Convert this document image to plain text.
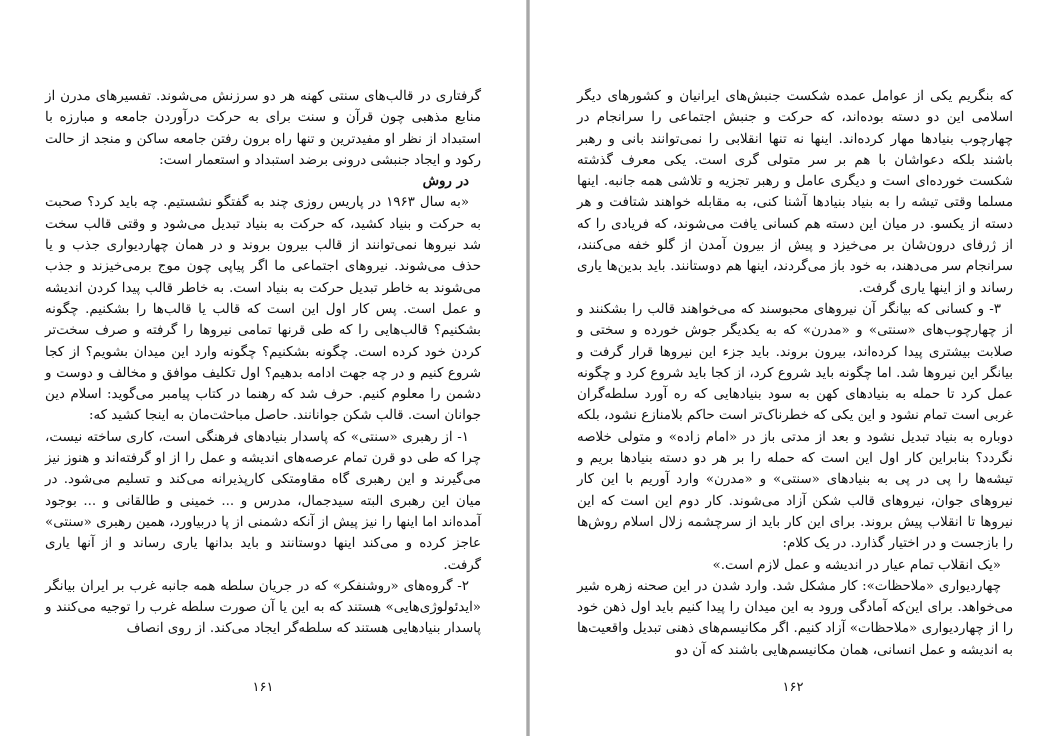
که بنگریم یکی از عوامل عمده شکست جنبش‌های ایرانیان و کشورهای دیگر اسلامی این دو دسته بوده‌اند، که حرکت و جنبش اجتماعی را سرانجام در چهارچوب بنیادها مهار کرده‌اند. اینها نه تنها انقلابی را نمی‌توانند بانی و رهبر باشند بلکه دعواشان با هم بر سر متولی گری است. یکی معرف گذشته شکست خورده‌ای است و دیگری عامل و رهبر تجزیه و تلاشی همه جانبه. اینها مسلما وقتی تیشه را به بنیاد بنیادها آشنا کنی، به مقابله خواهند شتافت و هر دسته از یکسو. در میان این دسته هم کسانی یافت می‌شوند، که فریادی را که از ژرفای درون‌شان بر می‌خیزد و پیش از بیرون آمدن از گلو خفه می‌کنند، سرانجام سر می‌دهند، به خود باز می‌گردند، اینها هم دوستانند. باید بدین‌ها یاری رساند و از اینها یاری گرفت.

۳- و کسانی که بیانگر آن نیروهای محبوسند که می‌خواهند قالب را بشکنند و از چهارچوب‌های «سنتی» و «مدرن» که به یکدیگر جوش خورده و سختی و صلابت بیشتری پیدا کرده‌اند، بیرون بروند. باید جزء این نیروها قرار گرفت و بیانگر این نیروها شد. اما چگونه باید شروع کرد، از کجا باید شروع کرد و چگونه عمل کرد تا حمله به بنیادهای کهن به سود بنیادهایی که ره آورد سلطه‌گران غربی است تمام نشود و این یکی که خطرناک‌تر است حاکم بلامنازع نشود، بلکه دوباره به بنیاد تبدیل نشود و بعد از مدتی باز در «امام زاده» و متولی خلاصه نگردد؟ بنابراین کار اول این است که حمله را بر هر دو دسته بنیادها بریم و تیشه‌ها را پی در پی به بنیادهای «سنتی» و «مدرن» وارد آوریم با این کار نیروهای جوان، نیروهای قالب شکن آزاد می‌شوند. کار دوم این است که این نیروها تا انقلاب پیش بروند. برای این کار باید از سرچشمه زلال اسلام روش‌ها را بازجست و در اختیار گذارد. در یک کلام:

«یک انقلاب تمام عیار در اندیشه و عمل لازم است.»

چهاردیواری «ملاحظات»: کار مشکل شد. وارد شدن در این صحنه زهره شیر می‌خواهد. برای این‌که آمادگی ورود به این میدان را پیدا کنیم باید اول ذهن خود را از چهاردیواری «ملاحظات» آزاد کنیم. اگر مکانیسم‌های ذهنی تبدیل واقعیت‌ها به اندیشه و عمل انسانی، همان مکانیسم‌هایی باشند که آن دو

۱۶۲

گرفتاری در قالب‌های سنتی کهنه هر دو سرزنش می‌شوند. تفسیرهای مدرن از منابع مذهبی چون قرآن و سنت برای به حرکت درآوردن جامعه و مبارزه با استبداد از نظر او مفیدترین و تنها راه برون رفتن جامعه ساکن و منجد از حالت رکود و ایجاد جنبشی درونی برضد استبداد و استعمار است:

در روش

«به سال ۱۹۶۳ در پاریس روزی چند به گفتگو نشستیم. چه باید کرد؟ صحبت به حرکت و بنیاد کشید، که حرکت به بنیاد تبدیل می‌شود و وقتی قالب سخت شد نیروها نمی‌توانند از قالب بیرون بروند و در همان چهاردیواری جذب و یا حذف می‌شوند. نیروهای اجتماعی ما اگر پیاپی چون موج برمی‌خیزند و جذب می‌شوند به خاطر تبدیل حرکت به بنیاد است. به خاطر قالب پیدا کردن اندیشه و عمل است. پس کار اول این است که قالب یا قالب‌ها را بشکنیم. چگونه بشکنیم؟ قالب‌هایی را که طی قرنها تمامی نیروها را گرفته و صرف سخت‌تر کردن خود کرده است. چگونه بشکنیم؟ چگونه وارد این میدان بشویم؟ از کجا شروع کنیم و در چه جهت ادامه بدهیم؟ اول تکلیف موافق و مخالف و دوست و دشمن را معلوم کنیم. حرف شد که رهنما در کتاب پیامبر می‌گوید: اسلام دین جوانان است. قالب شکن جوانانند. حاصل مباحثت‌مان به اینجا کشید که:

۱- از رهبری «سنتی» که پاسدار بنیادهای فرهنگی است، کاری ساخته نیست، چرا که طی دو قرن تمام عرصه‌های اندیشه و عمل را از او گرفته‌اند و هنوز نیز می‌گیرند و این رهبری گاه مقاومتکی کارپذیرانه می‌کند و تسلیم می‌شود. در میان این رهبری البته سیدجمال، مدرس و ... خمینی و طالقانی و ... بوجود آمده‌اند اما اینها را نیز پیش از آنکه دشمنی از پا دربیاورد، همین رهبری «سنتی» عاجز کرده و می‌کند اینها دوستانند و باید بدانها یاری رساند و از آنها یاری گرفت.

۲- گروه‌های «روشنفکر» که در جریان سلطه همه جانبه غرب بر ایران بیانگر «ایدئولوژی‌هایی» هستند که به این یا آن صورت سلطه غرب را توجیه می‌کنند و پاسدار بنیادهایی هستند که سلطه‌گر ایجاد می‌کند. از روی انصاف

۱۶۱
